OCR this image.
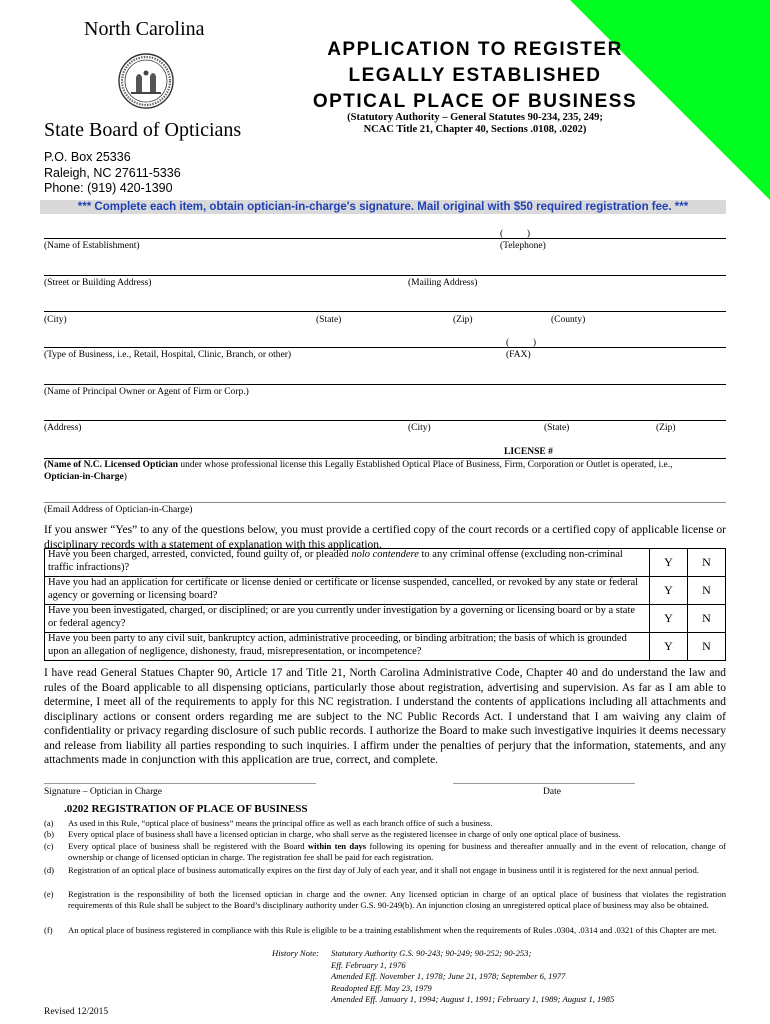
North Carolina
State Board of Opticians
APPLICATION TO REGISTER
LEGALLY ESTABLISHED
OPTICAL PLACE OF BUSINESS
(Statutory Authority – General Statutes 90-234, 235, 249;
NCAC Title 21, Chapter 40, Sections .0108, .0202)
P.O. Box 25336
Raleigh, NC 27611-5336
Phone: (919) 420-1390
*** Complete each item, obtain optician-in-charge's signature. Mail original with $50 required registration fee. ***
(          )
(Name of Establishment)	(Telephone)
(Street or Building Address)	(Mailing Address)
(City)	(State)	(Zip)	(County)
(          )
(Type of Business, i.e., Retail, Hospital, Clinic, Branch, or other)	(FAX)
(Name of Principal Owner or Agent of Firm or Corp.)
(Address)	(City)	(State)	(Zip)
LICENSE #
(Name of N.C. Licensed Optician under whose professional license this Legally Established Optical Place of Business, Firm, Corporation or Outlet is operated, i.e.,
Optician-in-Charge)
(Email Address of Optician-in-Charge)
If you answer “Yes” to any of the questions below, you must provide a certified copy of the court records or a certified copy of applicable license or disciplinary records with a statement of explanation with this application.
Have you been charged, arrested, convicted, found guilty of, or pleaded nolo contendere to any criminal offense (excluding non-criminal traffic infractions)?	Y	N
Have you had an application for certificate or license denied or certificate or license suspended, cancelled, or revoked by any state or federal agency or governing or licensing board?	Y	N
Have you been investigated, charged, or disciplined; or are you currently under investigation by a governing or licensing board or by a state or federal agency?	Y	N
Have you been party to any civil suit, bankruptcy action, administrative proceeding, or binding arbitration; the basis of which is grounded upon an allegation of negligence, dishonesty, fraud, misrepresentation, or incompetence?	Y	N
I have read General Statues Chapter 90, Article 17 and Title 21, North Carolina Administrative Code, Chapter 40 and do understand the law and rules of the Board applicable to all dispensing opticians, particularly those about registration, advertising and supervision. As far as I am able to determine, I meet all of the requirements to apply for this NC registration. I understand the contents of applications including all attachments and disciplinary actions or consent orders regarding me are subject to the NC Public Records Act. I understand that I am waiving any claim of confidentiality or privacy regarding disclosure of such public records. I authorize the Board to make such investigative inquiries it deems necessary and release from liability all parties responding to such inquiries. I affirm under the penalties of perjury that the information, statements, and any attachments made in conjunction with this application are true, correct, and complete.
Signature – Optician in Charge	Date
.0202 REGISTRATION OF PLACE OF BUSINESS
(a) As used in this Rule, “optical place of business” means the principal office as well as each branch office of such a business.
(b) Every optical place of business shall have a licensed optician in charge, who shall serve as the registered licensee in charge of only one optical place of business.
(c) Every optical place of business shall be registered with the Board within ten days following its opening for business and thereafter annually and in the event of relocation, change of ownership or change of licensed optician in charge. The registration fee shall be paid for each registration.
(d) Registration of an optical place of business automatically expires on the first day of July of each year, and it shall not engage in business until it is registered for the next annual period.
(e) Registration is the responsibility of both the licensed optician in charge and the owner. Any licensed optician in charge of an optical place of business that violates the registration requirements of this Rule shall be subject to the Board’s disciplinary authority under G.S. 90-249(b). An injunction closing an unregistered optical place of business may also be obtained.
(f) An optical place of business registered in compliance with this Rule is eligible to be a training establishment when the requirements of Rules .0304, .0314 and .0321 of this Chapter are met.
History Note: Statutory Authority G.S. 90-243; 90-249; 90-252; 90-253;
Eff. February 1, 1976
Amended Eff. November 1, 1978; June 21, 1978; September 6, 1977
Readopted Eff. May 23, 1979
Amended Eff. January 1, 1994; August 1, 1991; February 1, 1989; August 1, 1985
Revised 12/2015
